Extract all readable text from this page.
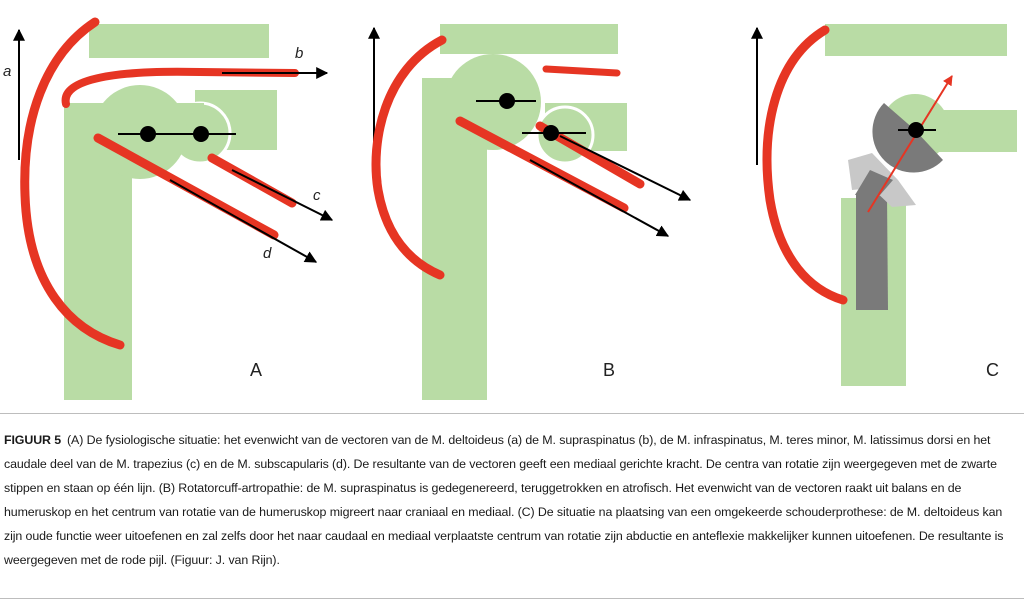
a
b
c
d
A	B	C
FIGUUR 5 (A) De fysiologische situatie: het evenwicht van de vectoren van de M. deltoideus (a) de M. supraspinatus (b), de M. infraspinatus, M. teres minor, M. latissimus dorsi en het caudale deel van de M. trapezius (c) en de M. subscapularis (d). De resultante van de vectoren geeft een mediaal gerichte kracht. De centra van rotatie zijn weergegeven met de zwarte stippen en staan op één lijn. (B) Rotatorcuff-artropathie: de M. supraspinatus is gedegenereerd, teruggetrokken en atrofisch. Het evenwicht van de vectoren raakt uit balans en de humeruskop en het centrum van rotatie van de humeruskop migreert naar craniaal en mediaal. (C) De situatie na plaatsing van een omgekeerde schouderprothese: de M. deltoideus kan zijn oude functie weer uitoefenen en zal zelfs door het naar caudaal en mediaal verplaatste centrum van rotatie zijn abductie en anteflexie makkelijker kunnen uitoefenen. De resultante is weergegeven met de rode pijl. (Figuur: J. van Rijn).
